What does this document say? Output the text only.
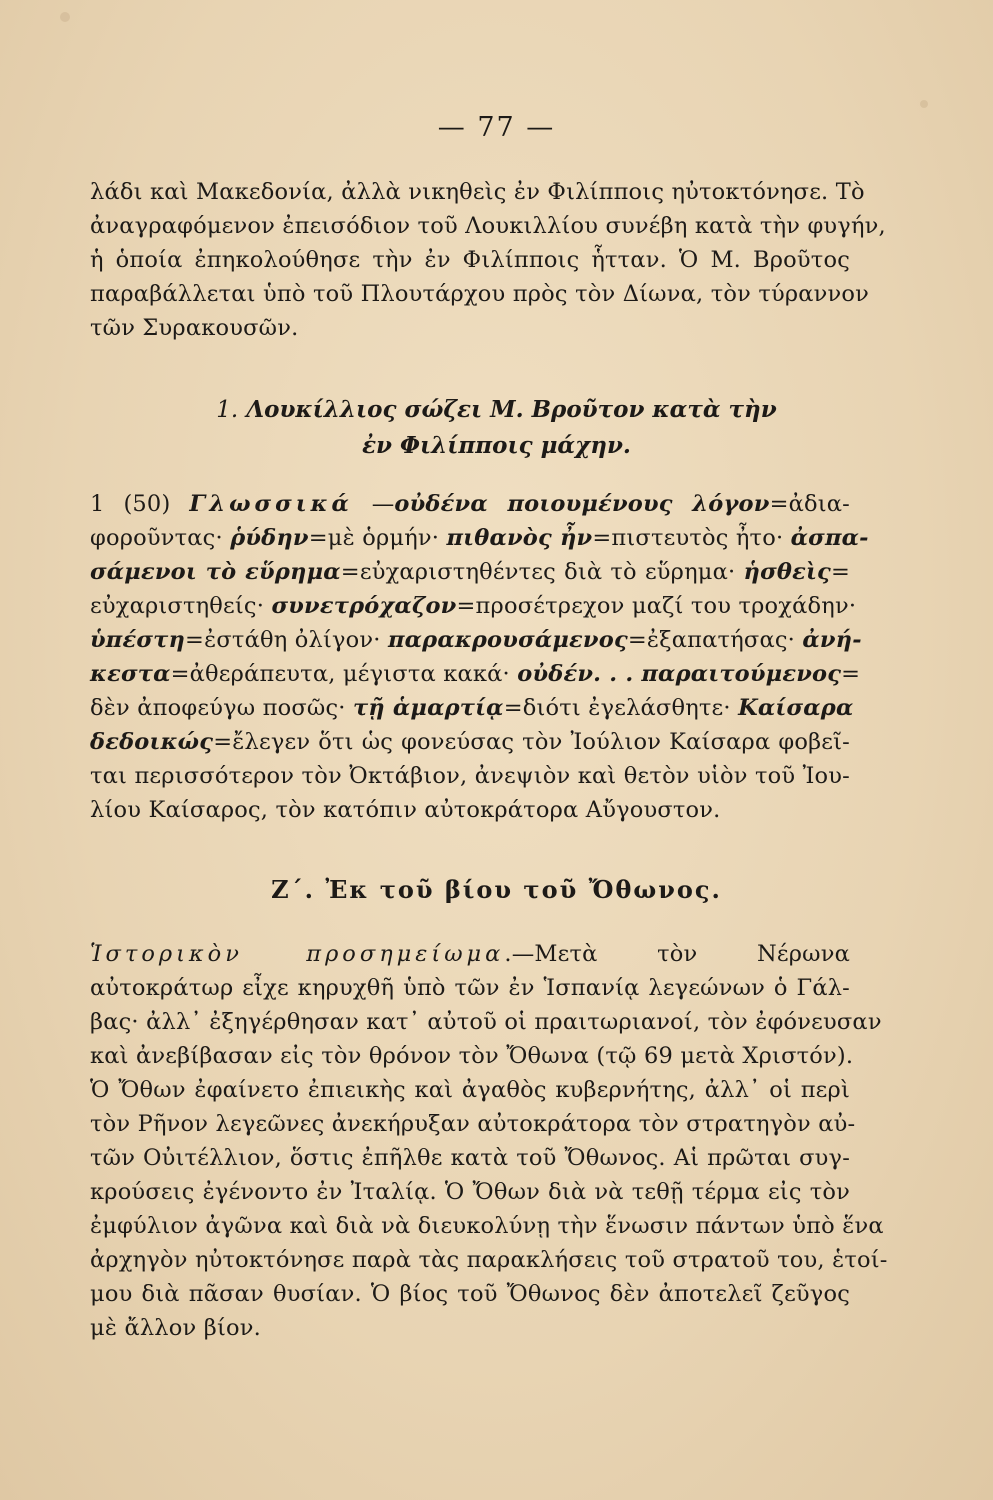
— 77 —
λάδι καὶ Μακεδονία, ἀλλὰ νικηθεὶς ἐν Φιλίπποις ηὐτοκτόνησε. Τὸ
ἀναγραφόμενον ἐπεισόδιον τοῦ Λουκιλλίου συνέβη κατὰ τὴν φυγήν,
ἡ ὁποία ἐπηκολούθησε τὴν ἐν Φιλίπποις ἧτταν. Ὁ Μ. Βροῦτος
παραβάλλεται ὑπὸ τοῦ Πλουτάρχου πρὸς τὸν Δίωνα, τὸν τύραννον
τῶν Συρακουσῶν.
1. Λουκίλλιος σώζει Μ. Βροῦτον κατὰ τὴν
ἐν Φιλίπποις μάχην.
1 (50) Γλωσσικά —οὐδένα ποιουμένους λόγον=ἀδια-
φοροῦντας· ῥύδην=μὲ ὁρμήν· πιθανὸς ἦν=πιστευτὸς ἦτο· ἀσπα-
σάμενοι τὸ εὕρημα=εὐχαριστηθέντες διὰ τὸ εὕρημα· ἡσθεὶς=
εὐχαριστηθείς· συνετρόχαζον=προσέτρεχον μαζί του τροχάδην·
ὑπέστη=ἐστάθη ὀλίγον· παρακρουσάμενος=ἐξαπατήσας· ἀνή-
κεστα=ἀθεράπευτα, μέγιστα κακά· οὐδέν. . . παραιτούμενος=
δὲν ἀποφεύγω ποσῶς· τῇ ἁμαρτίᾳ=διότι ἐγελάσθητε· Καίσαρα
δεδοικώς=ἔλεγεν ὅτι ὡς φονεύσας τὸν Ἰούλιον Καίσαρα φοβεῖ-
ται περισσότερον τὸν Ὀκτάβιον, ἀνεψιὸν καὶ θετὸν υἱὸν τοῦ Ἰου-
λίου Καίσαρος, τὸν κατόπιν αὐτοκράτορα Αὔγουστον.
Ζ΄. Ἐκ τοῦ βίου τοῦ Ὄθωνος.
Ἱστορικὸν προσημείωμα.—Μετὰ τὸν Νέρωνα
αὐτοκράτωρ εἶχε κηρυχθῆ ὑπὸ τῶν ἐν Ἱσπανίᾳ λεγεώνων ὁ Γάλ-
βας· ἀλλ᾽ ἐξηγέρθησαν κατ᾽ αὐτοῦ οἱ πραιτωριανοί, τὸν ἐφόνευσαν
καὶ ἀνεβίβασαν εἰς τὸν θρόνον τὸν Ὄθωνα (τῷ 69 μετὰ Χριστόν).
Ὁ Ὄθων ἐφαίνετο ἐπιεικὴς καὶ ἀγαθὸς κυβερνήτης, ἀλλ᾽ οἱ περὶ
τὸν Ρῆνον λεγεῶνες ἀνεκήρυξαν αὐτοκράτορα τὸν στρατηγὸν αὐ-
τῶν Οὐιτέλλιον, ὅστις ἐπῆλθε κατὰ τοῦ Ὄθωνος. Αἱ πρῶται συγ-
κρούσεις ἐγένοντο ἐν Ἰταλίᾳ. Ὁ Ὄθων διὰ νὰ τεθῇ τέρμα εἰς τὸν
ἐμφύλιον ἀγῶνα καὶ διὰ νὰ διευκολύνῃ τὴν ἕνωσιν πάντων ὑπὸ ἕνα
ἀρχηγὸν ηὐτοκτόνησε παρὰ τὰς παρακλήσεις τοῦ στρατοῦ του, ἑτοί-
μου διὰ πᾶσαν θυσίαν. Ὁ βίος τοῦ Ὄθωνος δὲν ἀποτελεῖ ζεῦγος
μὲ ἄλλον βίον.
